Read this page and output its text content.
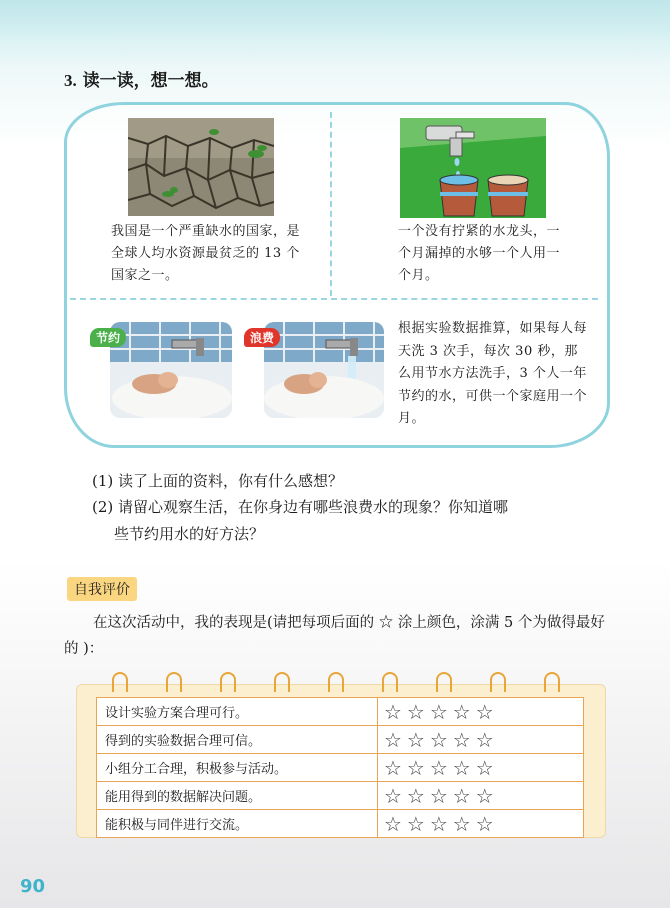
3. 读一读，想一想。
我国是一个严重缺水的国家，是全球人均水资源最贫乏的 13 个国家之一。
一个没有拧紧的水龙头，一个月漏掉的水够一个人用一个月。
节约	浪费
根据实验数据推算，如果每人每天洗 3 次手，每次 30 秒，那么用节水方法洗手，3 个人一年节约的水，可供一个家庭用一个月。
(1) 读了上面的资料，你有什么感想？
(2) 请留心观察生活，在你身边有哪些浪费水的现象？你知道哪
些节约用水的好方法？
自我评价
在这次活动中，我的表现是(请把每项后面的 ☆ 涂上颜色，涂满 5 个为做得最好的 )：
设计实验方案合理可行。	☆☆☆☆☆
得到的实验数据合理可信。	☆☆☆☆☆
小组分工合理，积极参与活动。	☆☆☆☆☆
能用得到的数据解决问题。	☆☆☆☆☆
能积极与同伴进行交流。	☆☆☆☆☆
90
